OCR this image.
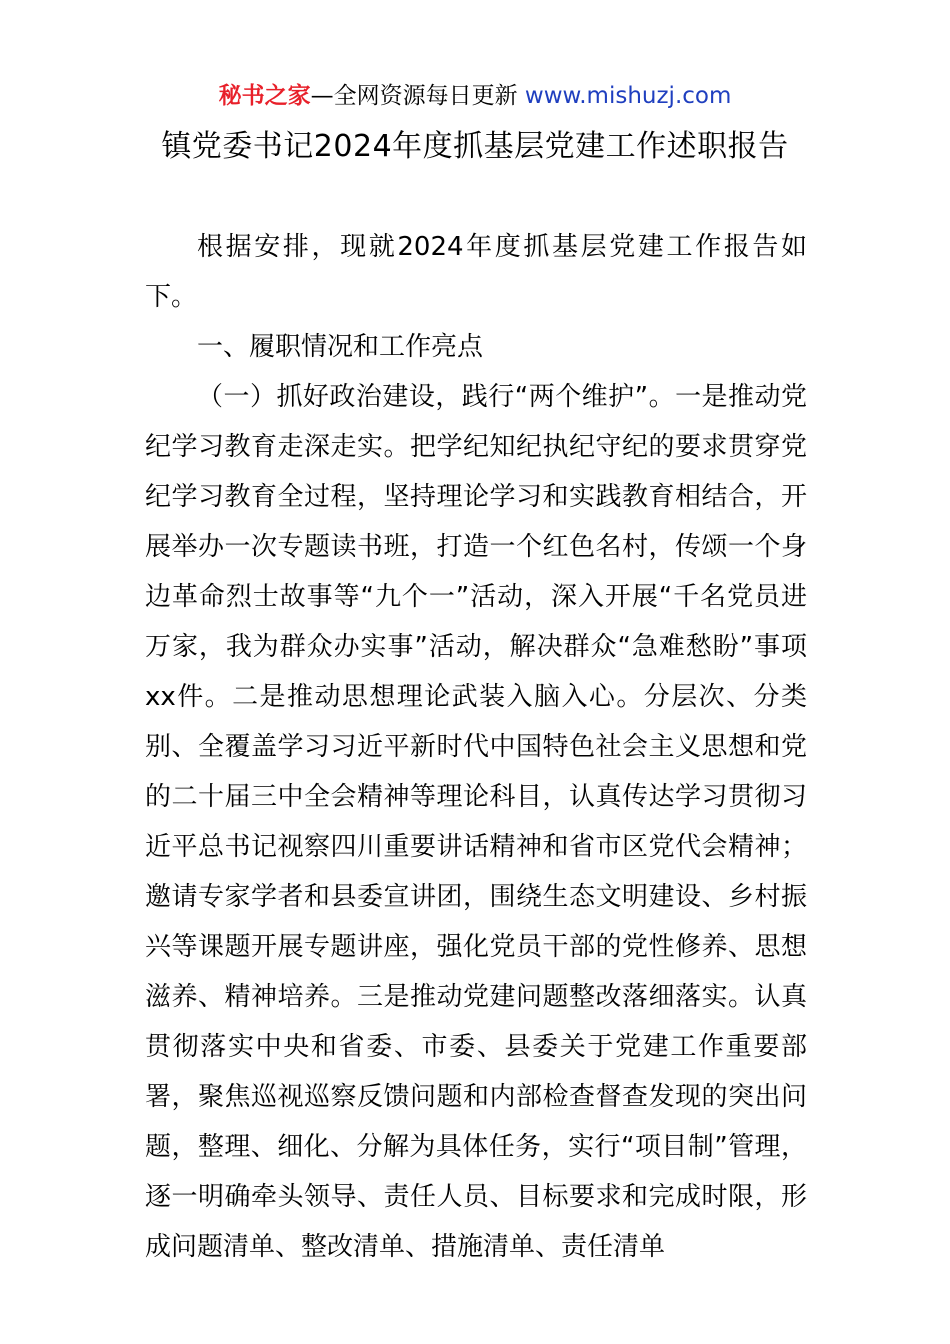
秘书之家—全网资源每日更新 www.mishuzj.com
镇党委书记2024年度抓基层党建工作述职报告

根据安排，现就2024年度抓基层党建工作报告如下。

一、履职情况和工作亮点

（一）抓好政治建设，践行“两个维护”。一是推动党纪学习教育走深走实。把学纪知纪执纪守纪的要求贯穿党纪学习教育全过程，坚持理论学习和实践教育相结合，开展举办一次专题读书班，打造一个红色名村，传颂一个身边革命烈士故事等“九个一”活动，深入开展“千名党员进万家，我为群众办实事”活动，解决群众“急难愁盼”事项xx件。二是推动思想理论武装入脑入心。分层次、分类别、全覆盖学习习近平新时代中国特色社会主义思想和党的二十届三中全会精神等理论科目，认真传达学习贯彻习近平总书记视察四川重要讲话精神和省市区党代会精神；邀请专家学者和县委宣讲团，围绕生态文明建设、乡村振兴等课题开展专题讲座，强化党员干部的党性修养、思想滋养、精神培养。三是推动党建问题整改落细落实。认真贯彻落实中央和省委、市委、县委关于党建工作重要部署，聚焦巡视巡察反馈问题和内部检查督查发现的突出问题，整理、细化、分解为具体任务，实行“项目制”管理，逐一明确牵头领导、责任人员、目标要求和完成时限，形成问题清单、整改清单、措施清单、责任清单
